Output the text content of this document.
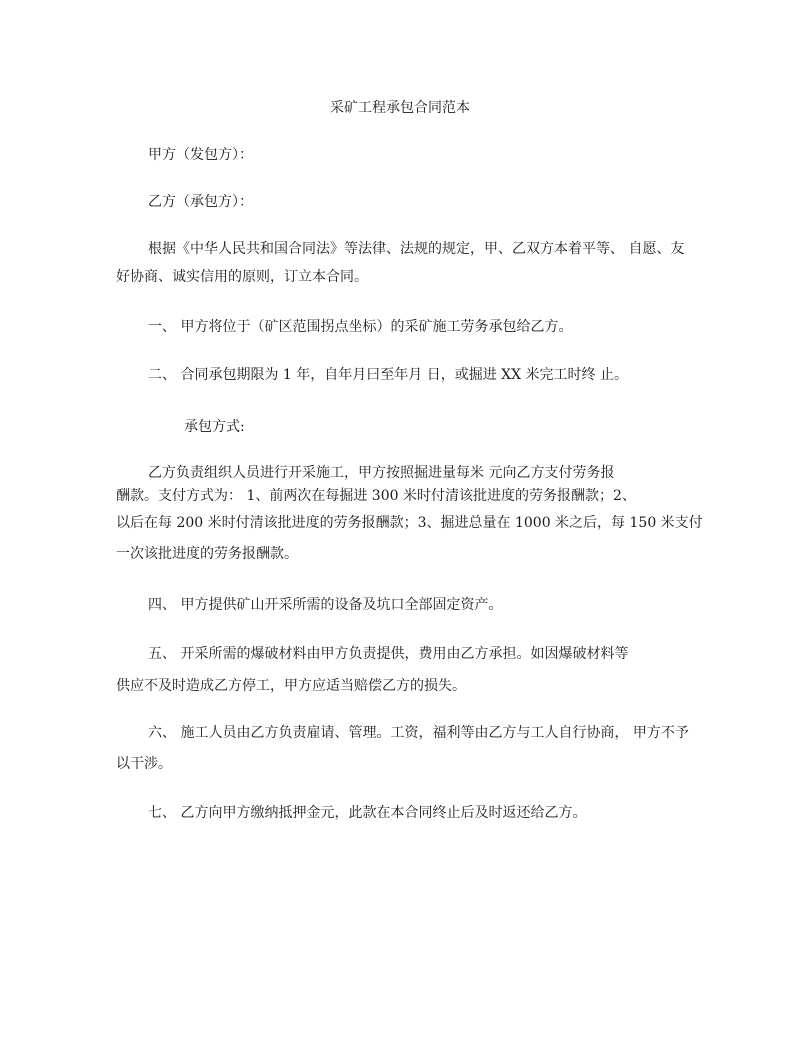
采矿工程承包合同范本
甲方（发包方）：
乙方（承包方）：
根据《中华人民共和国合同法》等法律、法规的规定，甲、乙双方本着平等、 自愿、友
好协商、诚实信用的原则，订立本合同。
一、 甲方将位于（矿区范围拐点坐标）的采矿施工劳务承包给乙方。
二、 合同承包期限为 1 年，自年月曰至年月 日，或掘进 XX 米完工时终 止。
承包方式:
乙方负责组织人员进行开采施工，甲方按照掘进量每米 元向乙方支付劳务报
酬款。支付方式为： 1、前两次在每掘进 300 米时付清该批进度的劳务报酬款；2、
以后在每 200 米时付清该批进度的劳务报酬款；3、掘进总量在 1000 米之后，每 150 米支付
一次该批进度的劳务报酬款。
四、 甲方提供矿山开采所需的设备及坑口全部固定资产。
五、 开采所需的爆破材料由甲方负责提供，费用由乙方承担。如因爆破材料等
供应不及时造成乙方停工，甲方应适当赔偿乙方的损失。
六、 施工人员由乙方负责雇请、管理。工资，福利等由乙方与工人自行协商， 甲方不予
以干涉。
七、 乙方向甲方缴纳抵押金元，此款在本合同终止后及时返还给乙方。
